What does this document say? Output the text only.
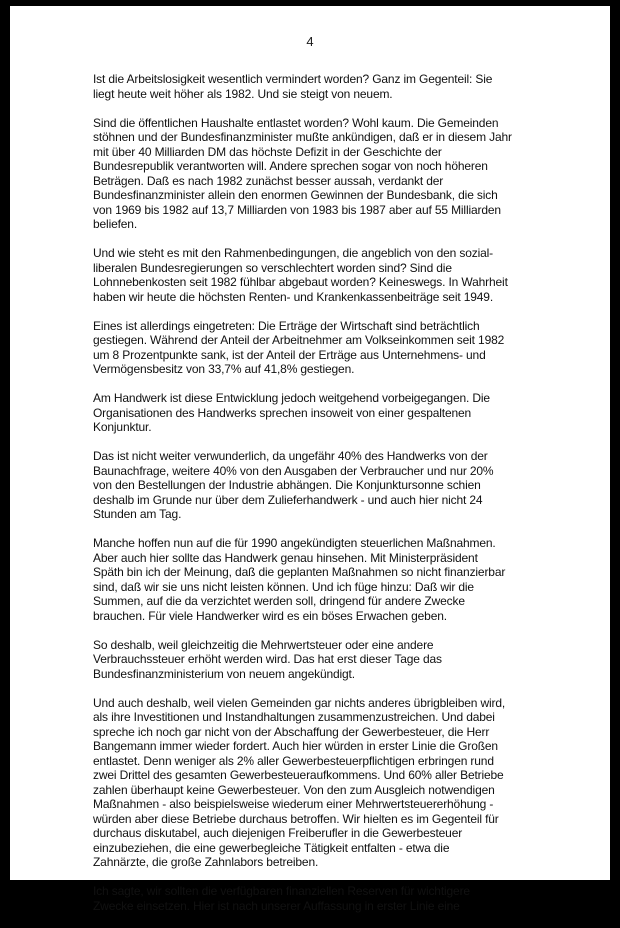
4

Ist die Arbeitslosigkeit wesentlich vermindert worden? Ganz im Gegenteil: Sie
liegt heute weit höher als 1982. Und sie steigt von neuem.

Sind die öffentlichen Haushalte entlastet worden? Wohl kaum. Die Gemeinden
stöhnen und der Bundesfinanzminister mußte ankündigen, daß er in diesem Jahr
mit über 40 Milliarden DM das höchste Defizit in der Geschichte der
Bundesrepublik verantworten will. Andere sprechen sogar von noch höheren
Beträgen. Daß es nach 1982 zunächst besser aussah, verdankt der
Bundesfinanzminister allein den enormen Gewinnen der Bundesbank, die sich
von 1969 bis 1982 auf 13,7 Milliarden von 1983 bis 1987 aber auf 55 Milliarden
beliefen.

Und wie steht es mit den Rahmenbedingungen, die angeblich von den sozial-
liberalen Bundesregierungen so verschlechtert worden sind? Sind die
Lohnnebenkosten seit 1982 fühlbar abgebaut worden? Keineswegs. In Wahrheit
haben wir heute die höchsten Renten- und Krankenkassenbeiträge seit 1949.

Eines ist allerdings eingetreten: Die Erträge der Wirtschaft sind beträchtlich
gestiegen. Während der Anteil der Arbeitnehmer am Volkseinkommen seit 1982
um 8 Prozentpunkte sank, ist der Anteil der Erträge aus Unternehmens- und
Vermögensbesitz von 33,7% auf 41,8% gestiegen.

Am Handwerk ist diese Entwicklung jedoch weitgehend vorbeigegangen. Die
Organisationen des Handwerks sprechen insoweit von einer gespaltenen
Konjunktur.

Das ist nicht weiter verwunderlich, da ungefähr 40% des Handwerks von der
Baunachfrage, weitere 40% von den Ausgaben der Verbraucher und nur 20%
von den Bestellungen der Industrie abhängen. Die Konjunktursonne schien
deshalb im Grunde nur über dem Zulieferhandwerk - und auch hier nicht 24
Stunden am Tag.

Manche hoffen nun auf die für 1990 angekündigten steuerlichen Maßnahmen.
Aber auch hier sollte das Handwerk genau hinsehen. Mit Ministerpräsident
Späth bin ich der Meinung, daß die geplanten Maßnahmen so nicht finanzierbar
sind, daß wir sie uns nicht leisten können. Und ich füge hinzu: Daß wir die
Summen, auf die da verzichtet werden soll, dringend für andere Zwecke
brauchen. Für viele Handwerker wird es ein böses Erwachen geben.

So deshalb, weil gleichzeitig die Mehrwertsteuer oder eine andere
Verbrauchssteuer erhöht werden wird. Das hat erst dieser Tage das
Bundesfinanzministerium von neuem angekündigt.

Und auch deshalb, weil vielen Gemeinden gar nichts anderes übrigbleiben wird,
als ihre Investitionen und Instandhaltungen zusammenzustreichen. Und dabei
spreche ich noch gar nicht von der Abschaffung der Gewerbesteuer, die Herr
Bangemann immer wieder fordert. Auch hier würden in erster Linie die Großen
entlastet. Denn weniger als 2% aller Gewerbesteuerpflichtigen erbringen rund
zwei Drittel des gesamten Gewerbesteueraufkommens. Und 60% aller Betriebe
zahlen überhaupt keine Gewerbesteuer. Von den zum Ausgleich notwendigen
Maßnahmen - also beispielsweise wiederum einer Mehrwertsteuererhöhung -
würden aber diese Betriebe durchaus betroffen. Wir hielten es im Gegenteil für
durchaus diskutabel, auch diejenigen Freiberufler in die Gewerbesteuer
einzubeziehen, die eine gewerbegleiche Tätigkeit entfalten - etwa die
Zahnärzte, die große Zahnlabors betreiben.

Ich sagte, wir sollten die verfügbaren finanziellen Reserven für wichtigere
Zwecke einsetzen. Hier ist nach unserer Auffassung in erster Linie eine
